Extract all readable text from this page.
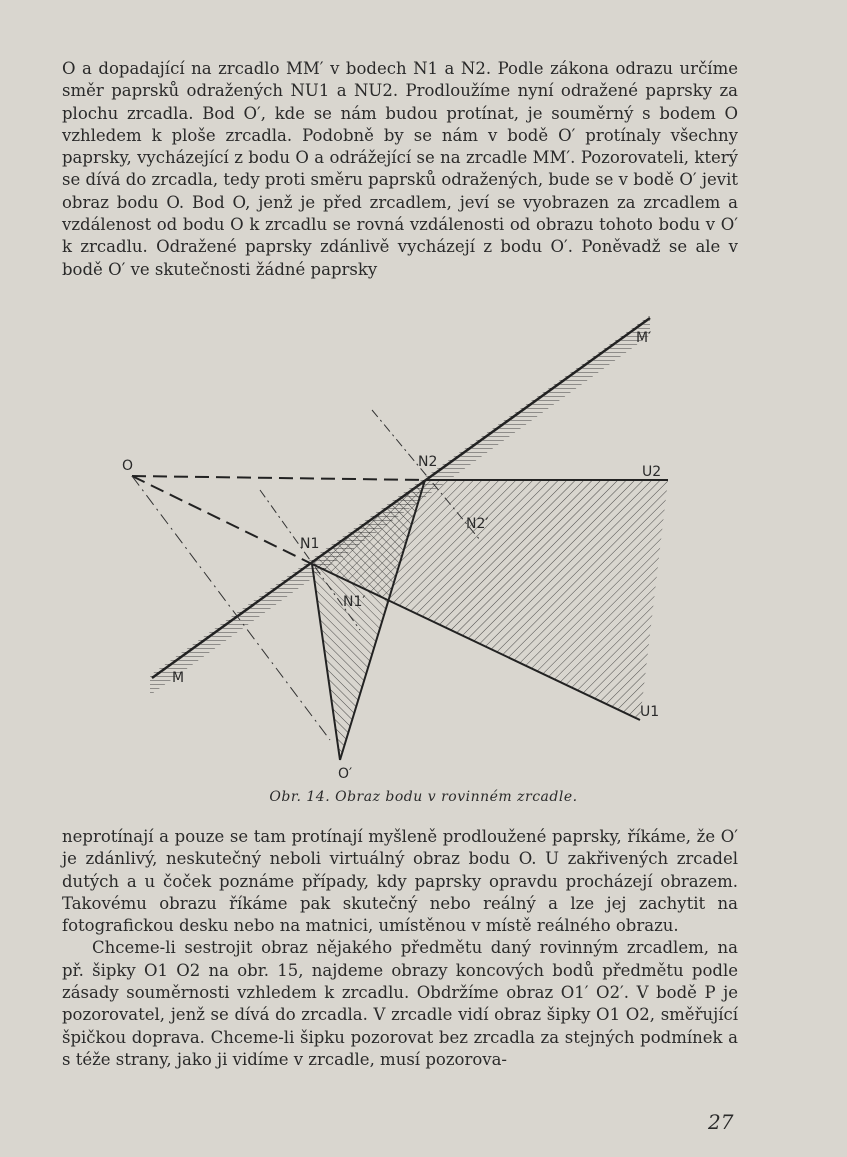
O a dopadající na zrcadlo MM′ v bodech N1 a N2. Podle zákona odrazu určíme směr paprsků odražených NU1 a NU2. Prodloužíme nyní odražené paprsky za plochu zrcadla. Bod O′, kde se nám budou protínat, je souměrný s bodem O vzhledem k ploše zrcadla. Podobně by se nám v bodě O′ protínaly všechny paprsky, vycházející z bodu O a odrážející se na zrcadle MM′. Pozorovateli, který se dívá do zrcadla, tedy proti směru paprsků odražených, bude se v bodě O′ jevit obraz bodu O. Bod O, jenž je před zrcadlem, jeví se vyobrazen za zrcadlem a vzdálenost od bodu O k zrcadlu se rovná vzdálenosti od obrazu tohoto bodu v O′ k zrcadlu. Odražené paprsky zdánlivě vycházejí z bodu O′. Poněvadž se ale v bodě O′ ve skutečnosti žádné paprsky

M′
M
O
O′
U2
U1
N2
N1
N2′
N1′
Obr. 14. Obraz bodu v rovinném zrcadle.

neprotínají a pouze se tam protínají myšleně prodloužené paprsky, říkáme, že O′ je zdánlivý, neskutečný neboli virtuálný obraz bodu O. U zakřivených zrcadel dutých a u čoček poznáme případy, kdy paprsky opravdu procházejí obrazem. Takovému obrazu říkáme pak skutečný nebo reálný a lze jej zachytit na fotografickou desku nebo na matnici, umístěnou v místě reálného obrazu.

Chceme-li sestrojit obraz nějakého předmětu daný rovinným zrcadlem, na př. šipky O1 O2 na obr. 15, najdeme obrazy koncových bodů předmětu podle zásady souměrnosti vzhledem k zrcadlu. Obdržíme obraz O1′ O2′. V bodě P je pozorovatel, jenž se dívá do zrcadla. V zrcadle vidí obraz šipky O1 O2, směřující špičkou doprava. Chceme-li šipku pozorovat bez zrcadla za stejných podmínek a s téže strany, jako ji vidíme v zrcadle, musí pozorova-

27
